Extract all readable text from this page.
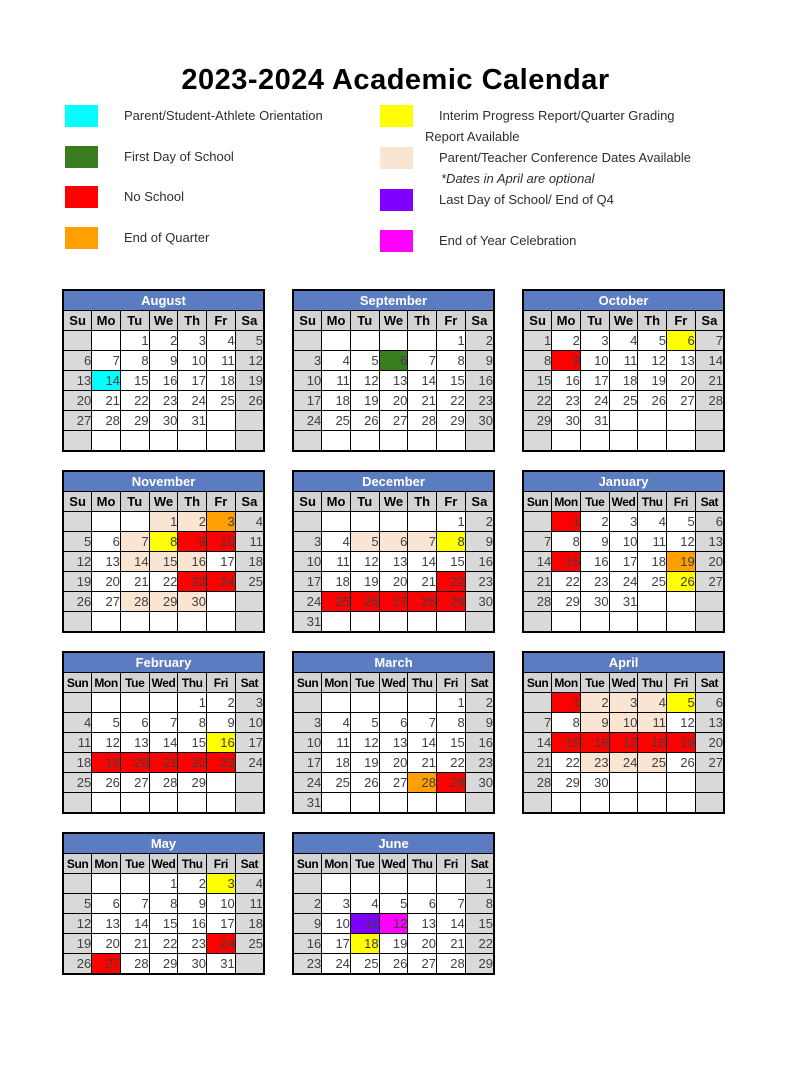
2023-2024 Academic Calendar
Parent/Student-Athlete Orientation
First Day of School
No School
End of Quarter
Interim Progress Report/Quarter Grading
Report Available
Parent/Teacher Conference Dates Available
*Dates in April are optional
Last Day of School/ End of Q4
End of Year Celebration
August						
Su	Mo	Tu	We	Th	Fr	Sa
		1	2	3	4	5
6	7	8	9	10	11	12
13	14	15	16	17	18	19
20	21	22	23	24	25	26
27	28	29	30	31		

September						
Su	Mo	Tu	We	Th	Fr	Sa
					1	2
3	4	5	6	7	8	9
10	11	12	13	14	15	16
17	18	19	20	21	22	23
24	25	26	27	28	29	30

October						
Su	Mo	Tu	We	Th	Fr	Sa
1	2	3	4	5	6	7
8	9	10	11	12	13	14
15	16	17	18	19	20	21
22	23	24	25	26	27	28
29	30	31				

November						
Su	Mo	Tu	We	Th	Fr	Sa
			1	2	3	4
5	6	7	8	9	10	11
12	13	14	15	16	17	18
19	20	21	22	23	24	25
26	27	28	29	30		

December						
Su	Mo	Tu	We	Th	Fr	Sa
					1	2
3	4	5	6	7	8	9
10	11	12	13	14	15	16
17	18	19	20	21	22	23
24	25	26	27	28	29	30
31						
January						
Sun	Mon	Tue	Wed	Thu	Fri	Sat
	1	2	3	4	5	6
7	8	9	10	11	12	13
14	15	16	17	18	19	20
21	22	23	24	25	26	27
28	29	30	31			

February						
Sun	Mon	Tue	Wed	Thu	Fri	Sat
				1	2	3
4	5	6	7	8	9	10
11	12	13	14	15	16	17
18	19	20	21	22	23	24
25	26	27	28	29		

March						
Sun	Mon	Tue	Wed	Thu	Fri	Sat
					1	2
3	4	5	6	7	8	9
10	11	12	13	14	15	16
17	18	19	20	21	22	23
24	25	26	27	28	29	30
31						
April						
Sun	Mon	Tue	Wed	Thu	Fri	Sat
	1	2	3	4	5	6
7	8	9	10	11	12	13
14	15	16	17	18	19	20
21	22	23	24	25	26	27
28	29	30				

May						
Sun	Mon	Tue	Wed	Thu	Fri	Sat
			1	2	3	4
5	6	7	8	9	10	11
12	13	14	15	16	17	18
19	20	21	22	23	24	25
26	27	28	29	30	31	
June						
Sun	Mon	Tue	Wed	Thu	Fri	Sat
						1
2	3	4	5	6	7	8
9	10	11	12	13	14	15
16	17	18	19	20	21	22
23	24	25	26	27	28	29
